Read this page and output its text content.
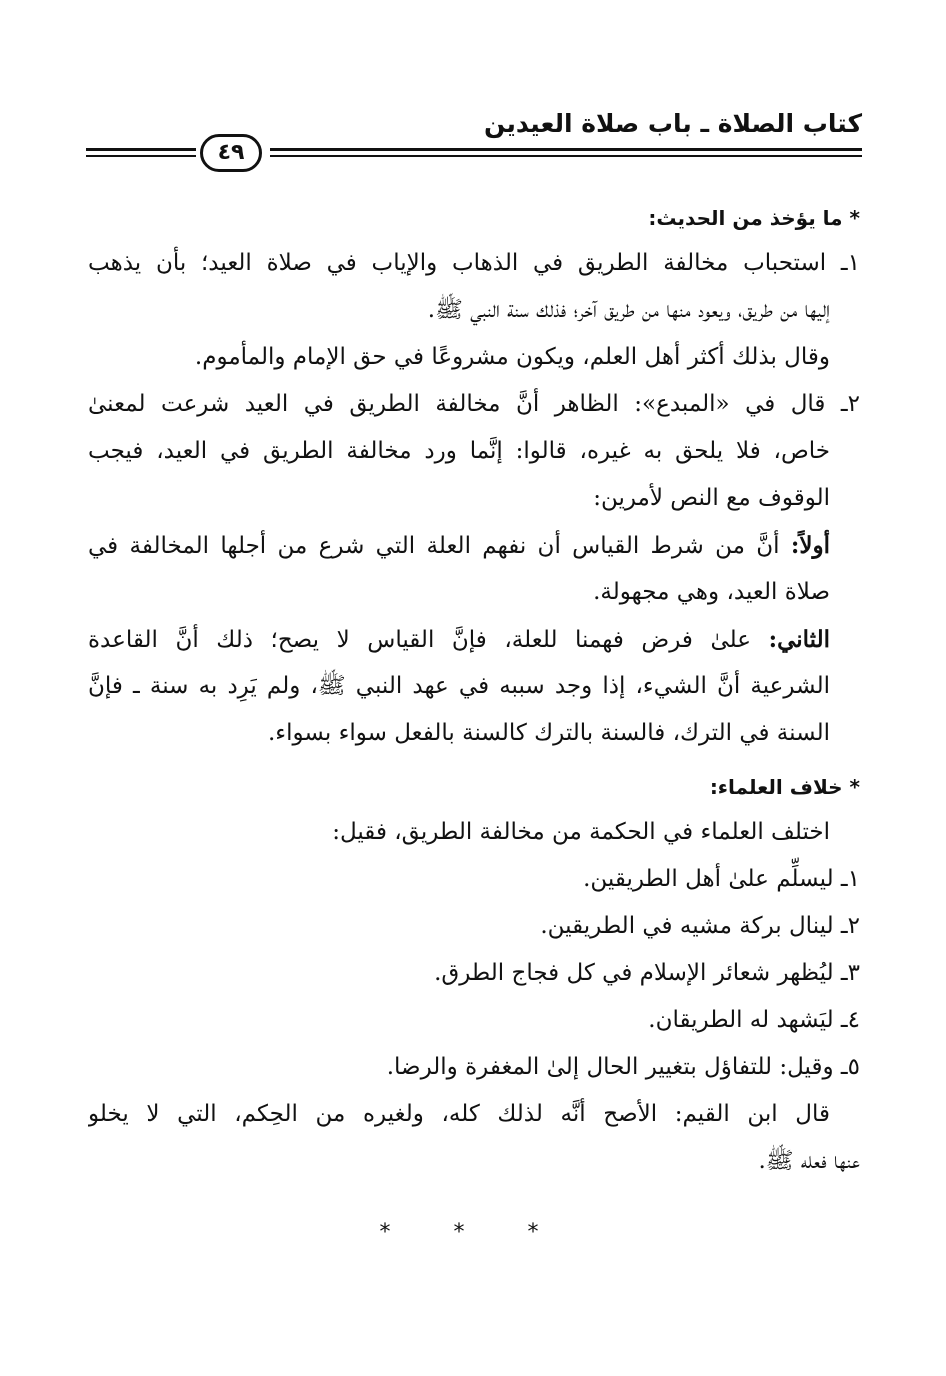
كتاب الصلاة ـ باب صلاة العيدين
٤٩
* ما يؤخذ من الحديث:
١ـ استحباب مخالفة الطريق في الذهاب والإياب في صلاة العيد؛ بأن يذهب
إليها من طريق، ويعود منها من طريق آخر؛ فذلك سنة النبي ﷺ.
وقال بذلك أكثر أهل العلم، ويكون مشروعًا في حق الإمام والمأموم.
٢ـ قال في «المبدع»: الظاهر أنَّ مخالفة الطريق في العيد شرعت لمعنىٰ
خاص، فلا يلحق به غيره، قالوا: إنَّما ورد مخالفة الطريق في العيد، فيجب
الوقوف مع النص لأمرين:
أولاً: أنَّ من شرط القياس أن نفهم العلة التي شرع من أجلها المخالفة في
صلاة العيد، وهي مجهولة.
الثاني: علىٰ فرض فهمنا للعلة، فإنَّ القياس لا يصح؛ ذلك أنَّ القاعدة
الشرعية أنَّ الشيء، إذا وجد سببه في عهد النبي ﷺ، ولم يَرِد به سنة ـ فإنَّ
السنة في الترك، فالسنة بالترك كالسنة بالفعل سواء بسواء.
* خلاف العلماء:
اختلف العلماء في الحكمة من مخالفة الطريق، فقيل:
١ـ ليسلِّم علىٰ أهل الطريقين.
٢ـ لينال بركة مشيه في الطريقين.
٣ـ ليُظهر شعائر الإسلام في كل فجاج الطرق.
٤ـ ليَشهد له الطريقان.
٥ـ وقيل: للتفاؤل بتغيير الحال إلىٰ المغفرة والرضا.
قال ابن القيم: الأصح أنَّه لذلك كله، ولغيره من الحِكم، التي لا يخلو
عنها فعله ﷺ.
* * *
